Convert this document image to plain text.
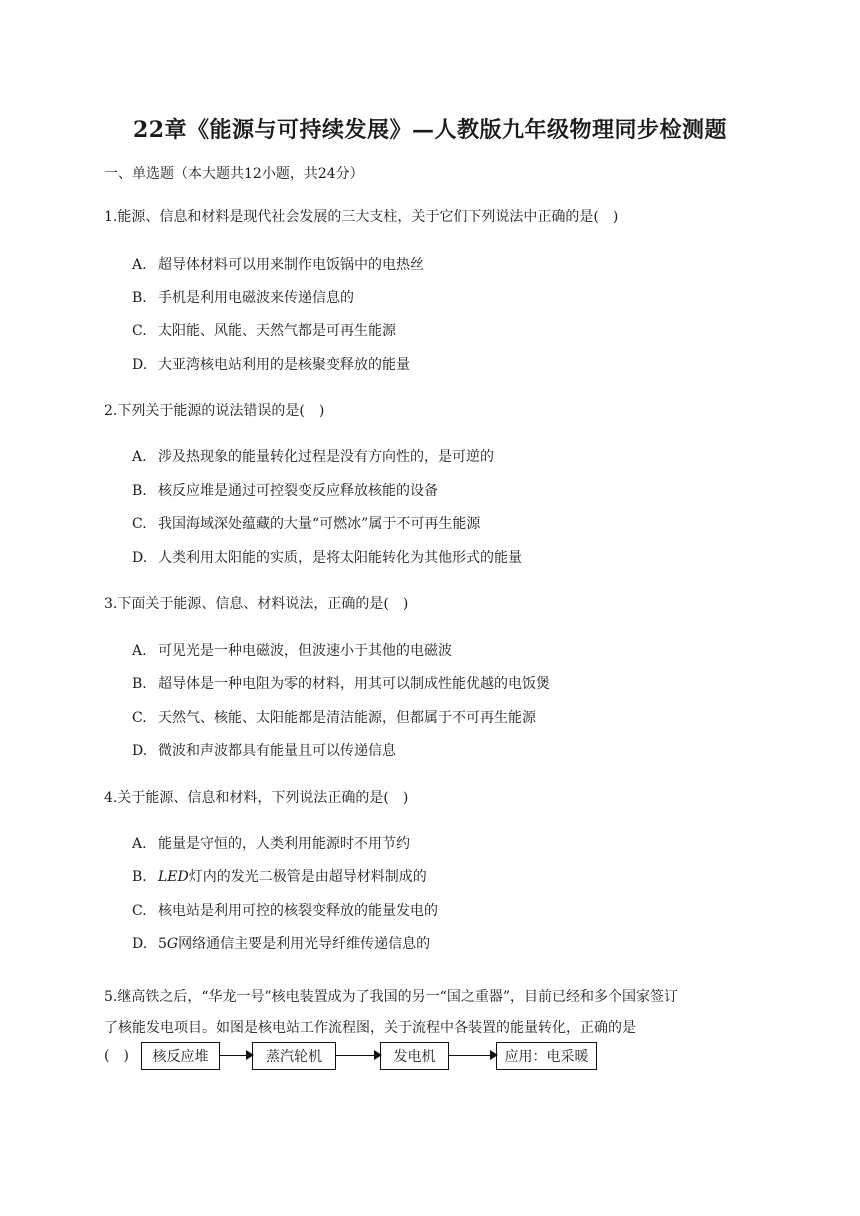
22章《能源与可持续发展》—人教版九年级物理同步检测题
一、单选题（本大题共12小题，共24分）
1.能源、信息和材料是现代社会发展的三大支柱，关于它们下列说法中正确的是(　)
A. 超导体材料可以用来制作电饭锅中的电热丝
B. 手机是利用电磁波来传递信息的
C. 太阳能、风能、天然气都是可再生能源
D. 大亚湾核电站利用的是核聚变释放的能量
2.下列关于能源的说法错误的是(　)
A. 涉及热现象的能量转化过程是没有方向性的，是可逆的
B. 核反应堆是通过可控裂变反应释放核能的设备
C. 我国海域深处蕴藏的大量“可燃冰”属于不可再生能源
D. 人类利用太阳能的实质，是将太阳能转化为其他形式的能量
3.下面关于能源、信息、材料说法，正确的是(　)
A. 可见光是一种电磁波，但波速小于其他的电磁波
B. 超导体是一种电阻为零的材料，用其可以制成性能优越的电饭煲
C. 天然气、核能、太阳能都是清洁能源，但都属于不可再生能源
D. 微波和声波都具有能量且可以传递信息
4.关于能源、信息和材料，下列说法正确的是(　)
A. 能量是守恒的，人类利用能源时不用节约
B. LED灯内的发光二极管是由超导材料制成的
C. 核电站是利用可控的核裂变释放的能量发电的
D. 5G网络通信主要是利用光导纤维传递信息的
5.继高铁之后，“华龙一号”核电装置成为了我国的另一“国之重器”，目前已经和多个国家签订
了核能发电项目。如图是核电站工作流程图，关于流程中各装置的能量转化，正确的是
(　)	核反应堆	蒸汽轮机	发电机	应用：电采暖
